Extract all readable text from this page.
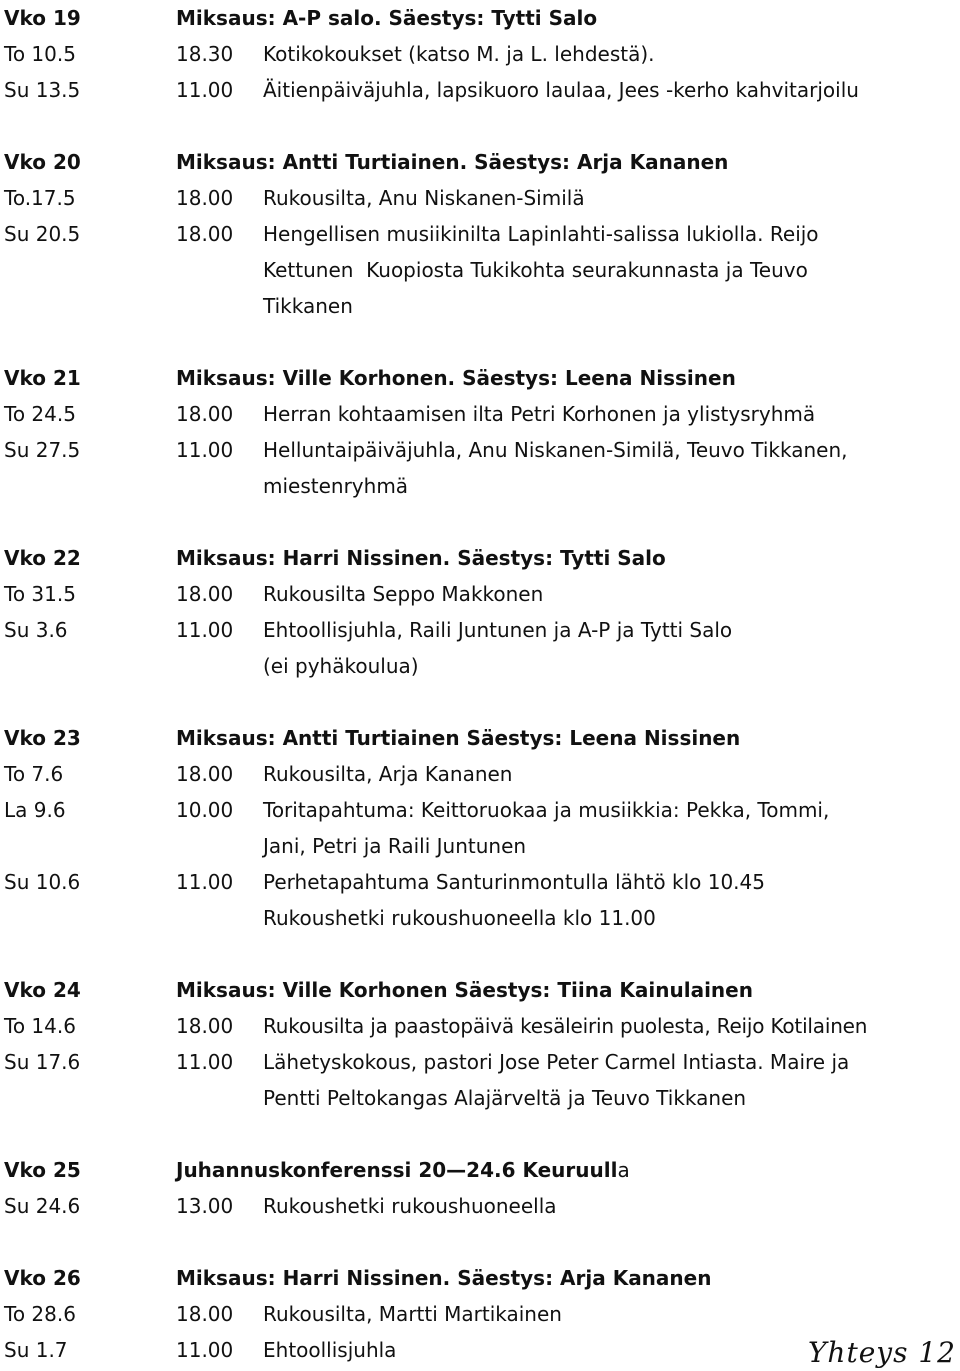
Vko 19	Miksaus: A-P salo. Säestys: Tytti Salo
To 10.5	18.30	Kotikokoukset (katso M. ja L. lehdestä).
Su 13.5	11.00	Äitienpäiväjuhla, lapsikuoro laulaa, Jees -kerho kahvitarjoilu
Vko 20	Miksaus: Antti Turtiainen. Säestys: Arja Kananen
To.17.5	18.00	Rukousilta, Anu Niskanen-Similä
Su 20.5	18.00	Hengellisen musiikinilta Lapinlahti-salissa lukiolla. Reijo
Kettunen  Kuopiosta Tukikohta seurakunnasta ja Teuvo
Tikkanen
Vko 21	Miksaus: Ville Korhonen. Säestys: Leena Nissinen
To 24.5	18.00	Herran kohtaamisen ilta Petri Korhonen ja ylistysryhmä
Su 27.5	11.00	Helluntaipäiväjuhla, Anu Niskanen-Similä, Teuvo Tikkanen,
miestenryhmä
Vko 22	Miksaus: Harri Nissinen. Säestys: Tytti Salo
To 31.5	18.00	Rukousilta Seppo Makkonen
Su 3.6	11.00	Ehtoollisjuhla, Raili Juntunen ja A-P ja Tytti Salo
(ei pyhäkoulua)
Vko 23	Miksaus: Antti Turtiainen Säestys: Leena Nissinen
To 7.6	18.00	Rukousilta, Arja Kananen
La 9.6	10.00	Toritapahtuma: Keittoruokaa ja musiikkia: Pekka, Tommi,
Jani, Petri ja Raili Juntunen
Su 10.6	11.00	Perhetapahtuma Santurinmontulla lähtö klo 10.45
Rukoushetki rukoushuoneella klo 11.00
Vko 24	Miksaus: Ville Korhonen Säestys: Tiina Kainulainen
To 14.6	18.00	Rukousilta ja paastopäivä kesäleirin puolesta, Reijo Kotilainen
Su 17.6	11.00	Lähetyskokous, pastori Jose Peter Carmel Intiasta. Maire ja
Pentti Peltokangas Alajärveltä ja Teuvo Tikkanen
Vko 25	Juhannuskonferenssi 20—24.6 Keuruulla
Su 24.6	13.00	Rukoushetki rukoushuoneella
Vko 26	Miksaus: Harri Nissinen. Säestys: Arja Kananen
To 28.6	18.00	Rukousilta, Martti Martikainen
Su 1.7	11.00	Ehtoollisjuhla	Yhteys 12
